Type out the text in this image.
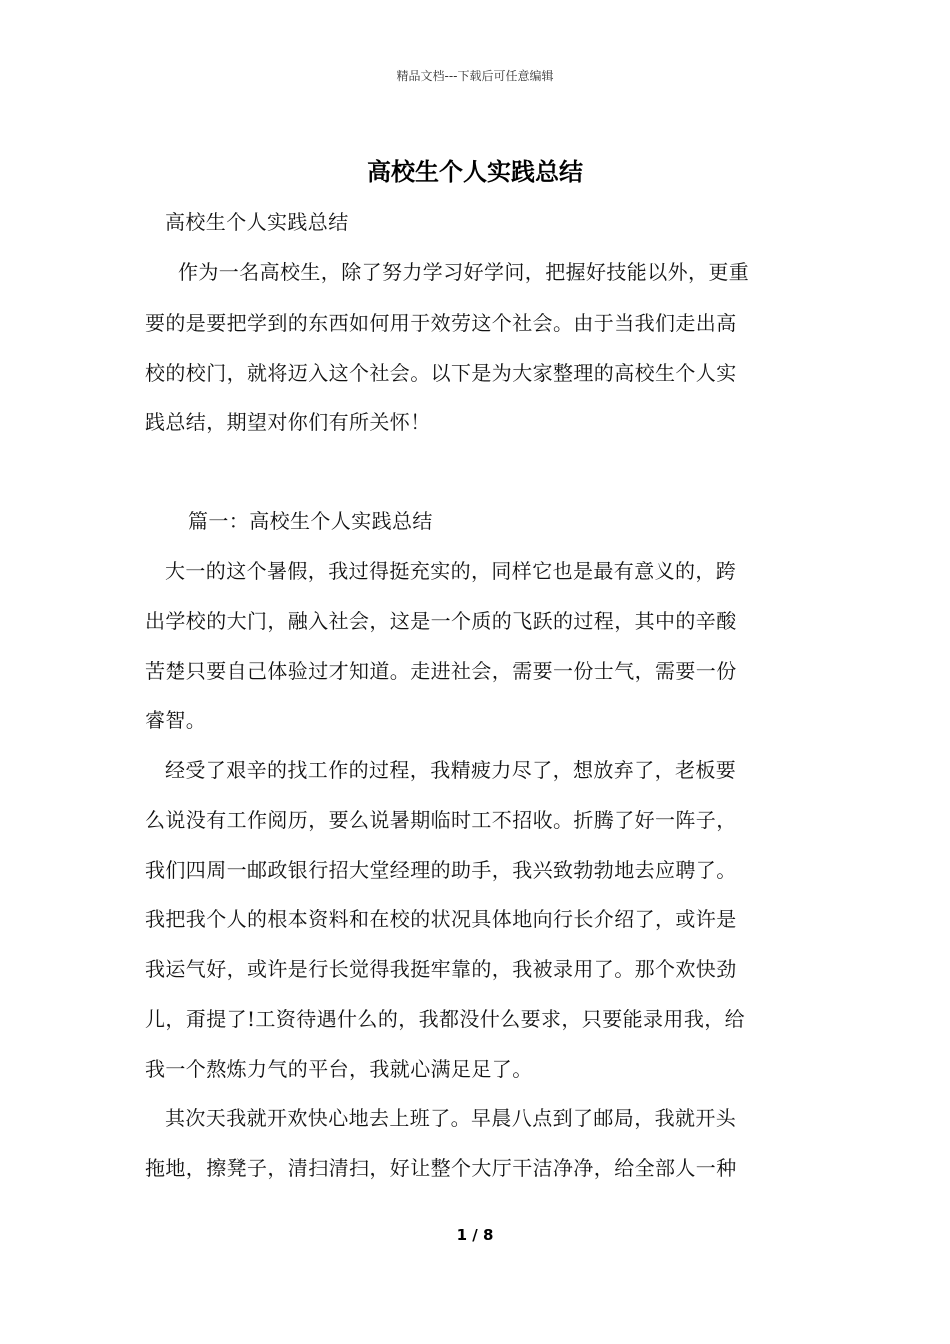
精品文档---下载后可任意编辑
高校生个人实践总结
高校生个人实践总结
作为一名高校生，除了努力学习好学问，把握好技能以外，更重
要的是要把学到的东西如何用于效劳这个社会。由于当我们走出高
校的校门，就将迈入这个社会。以下是为大家整理的高校生个人实
践总结，期望对你们有所关怀！
篇一：高校生个人实践总结
大一的这个暑假，我过得挺充实的，同样它也是最有意义的，跨
出学校的大门，融入社会，这是一个质的飞跃的过程，其中的辛酸
苦楚只要自己体验过才知道。走进社会，需要一份士气，需要一份
睿智。
经受了艰辛的找工作的过程，我精疲力尽了，想放弃了，老板要
么说没有工作阅历，要么说暑期临时工不招收。折腾了好一阵子，
我们四周一邮政银行招大堂经理的助手，我兴致勃勃地去应聘了。
我把我个人的根本资料和在校的状况具体地向行长介绍了，或许是
我运气好，或许是行长觉得我挺牢靠的，我被录用了。那个欢快劲
儿，甭提了!工资待遇什么的，我都没什么要求，只要能录用我，给
我一个熬炼力气的平台，我就心满足足了。
其次天我就开欢快心地去上班了。早晨八点到了邮局，我就开头
拖地，擦凳子，清扫清扫，好让整个大厅干洁净净，给全部人一种
1 / 8
